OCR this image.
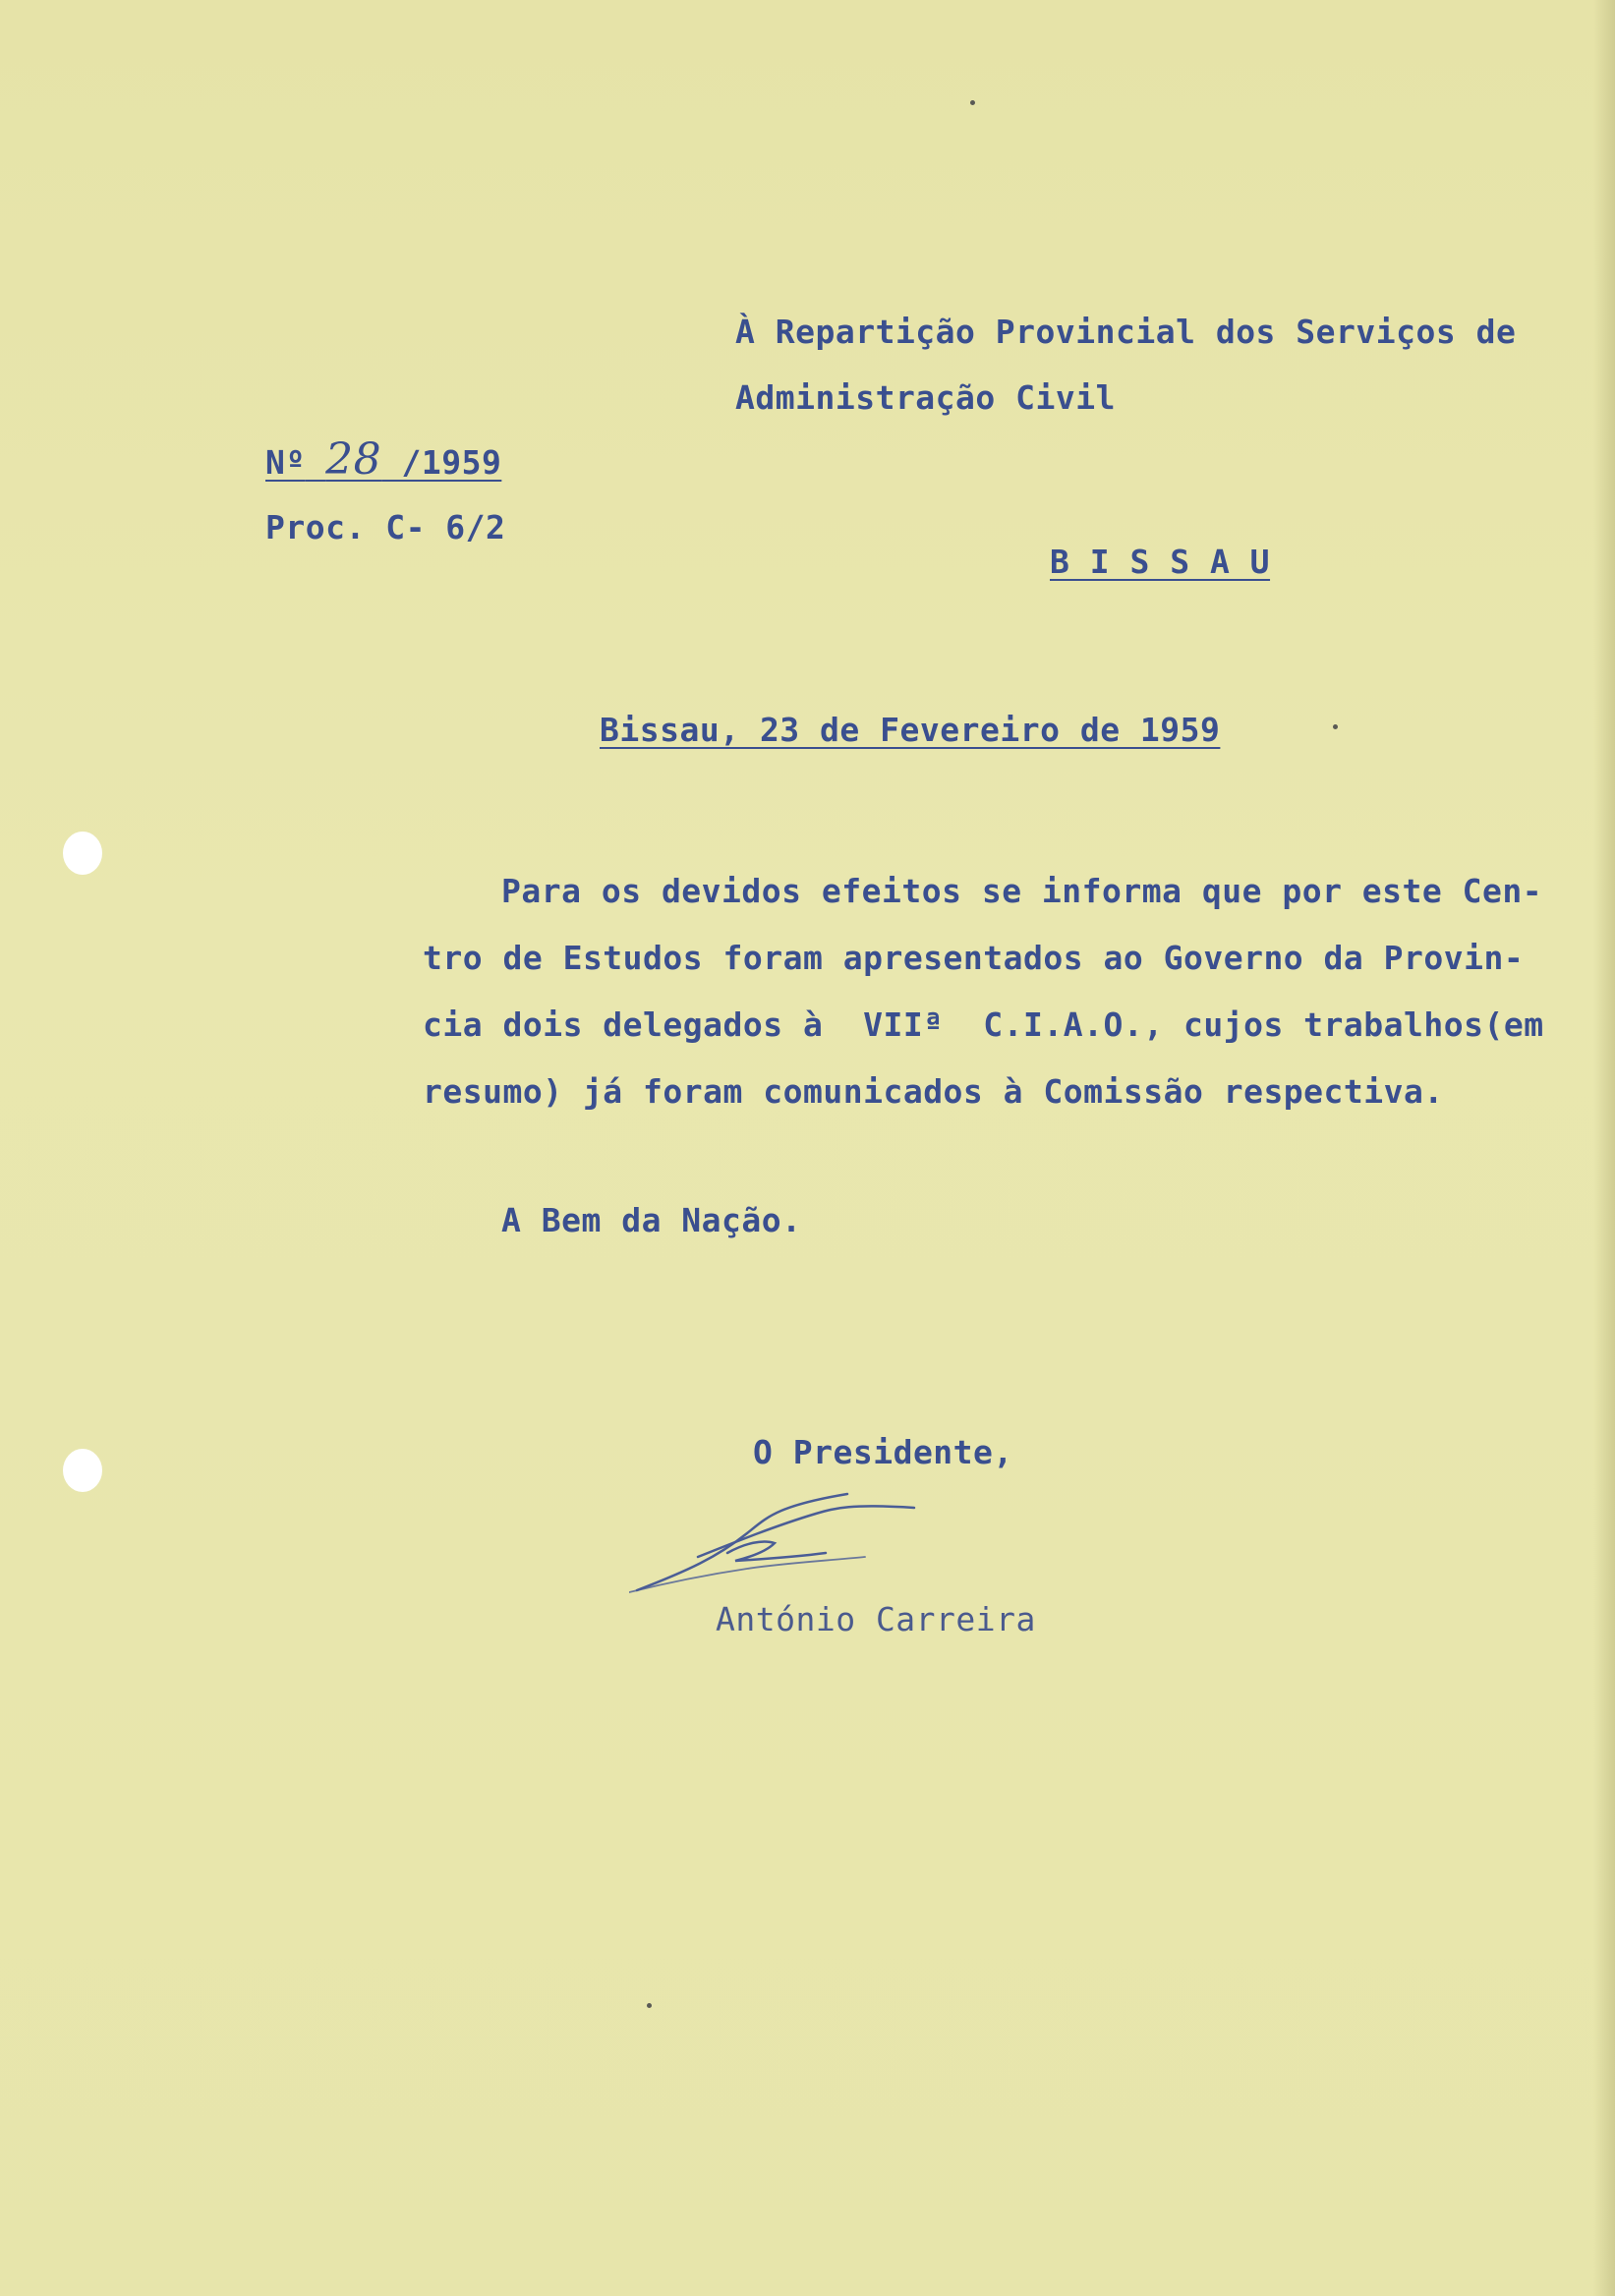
À Repartição Provincial dos Serviços de
Administração Civil
Nº 28 /1959
Proc. C- 6/2
B I S S A U
Bissau, 23 de Fevereiro de 1959
Para os devidos efeitos se informa que por este Cen-
tro de Estudos foram apresentados ao Governo da Provin-
cia dois delegados à  VIIª  C.I.A.O., cujos trabalhos(em
resumo) já foram comunicados à Comissão respectiva.
A Bem da Nação.
O Presidente,
António Carreira
